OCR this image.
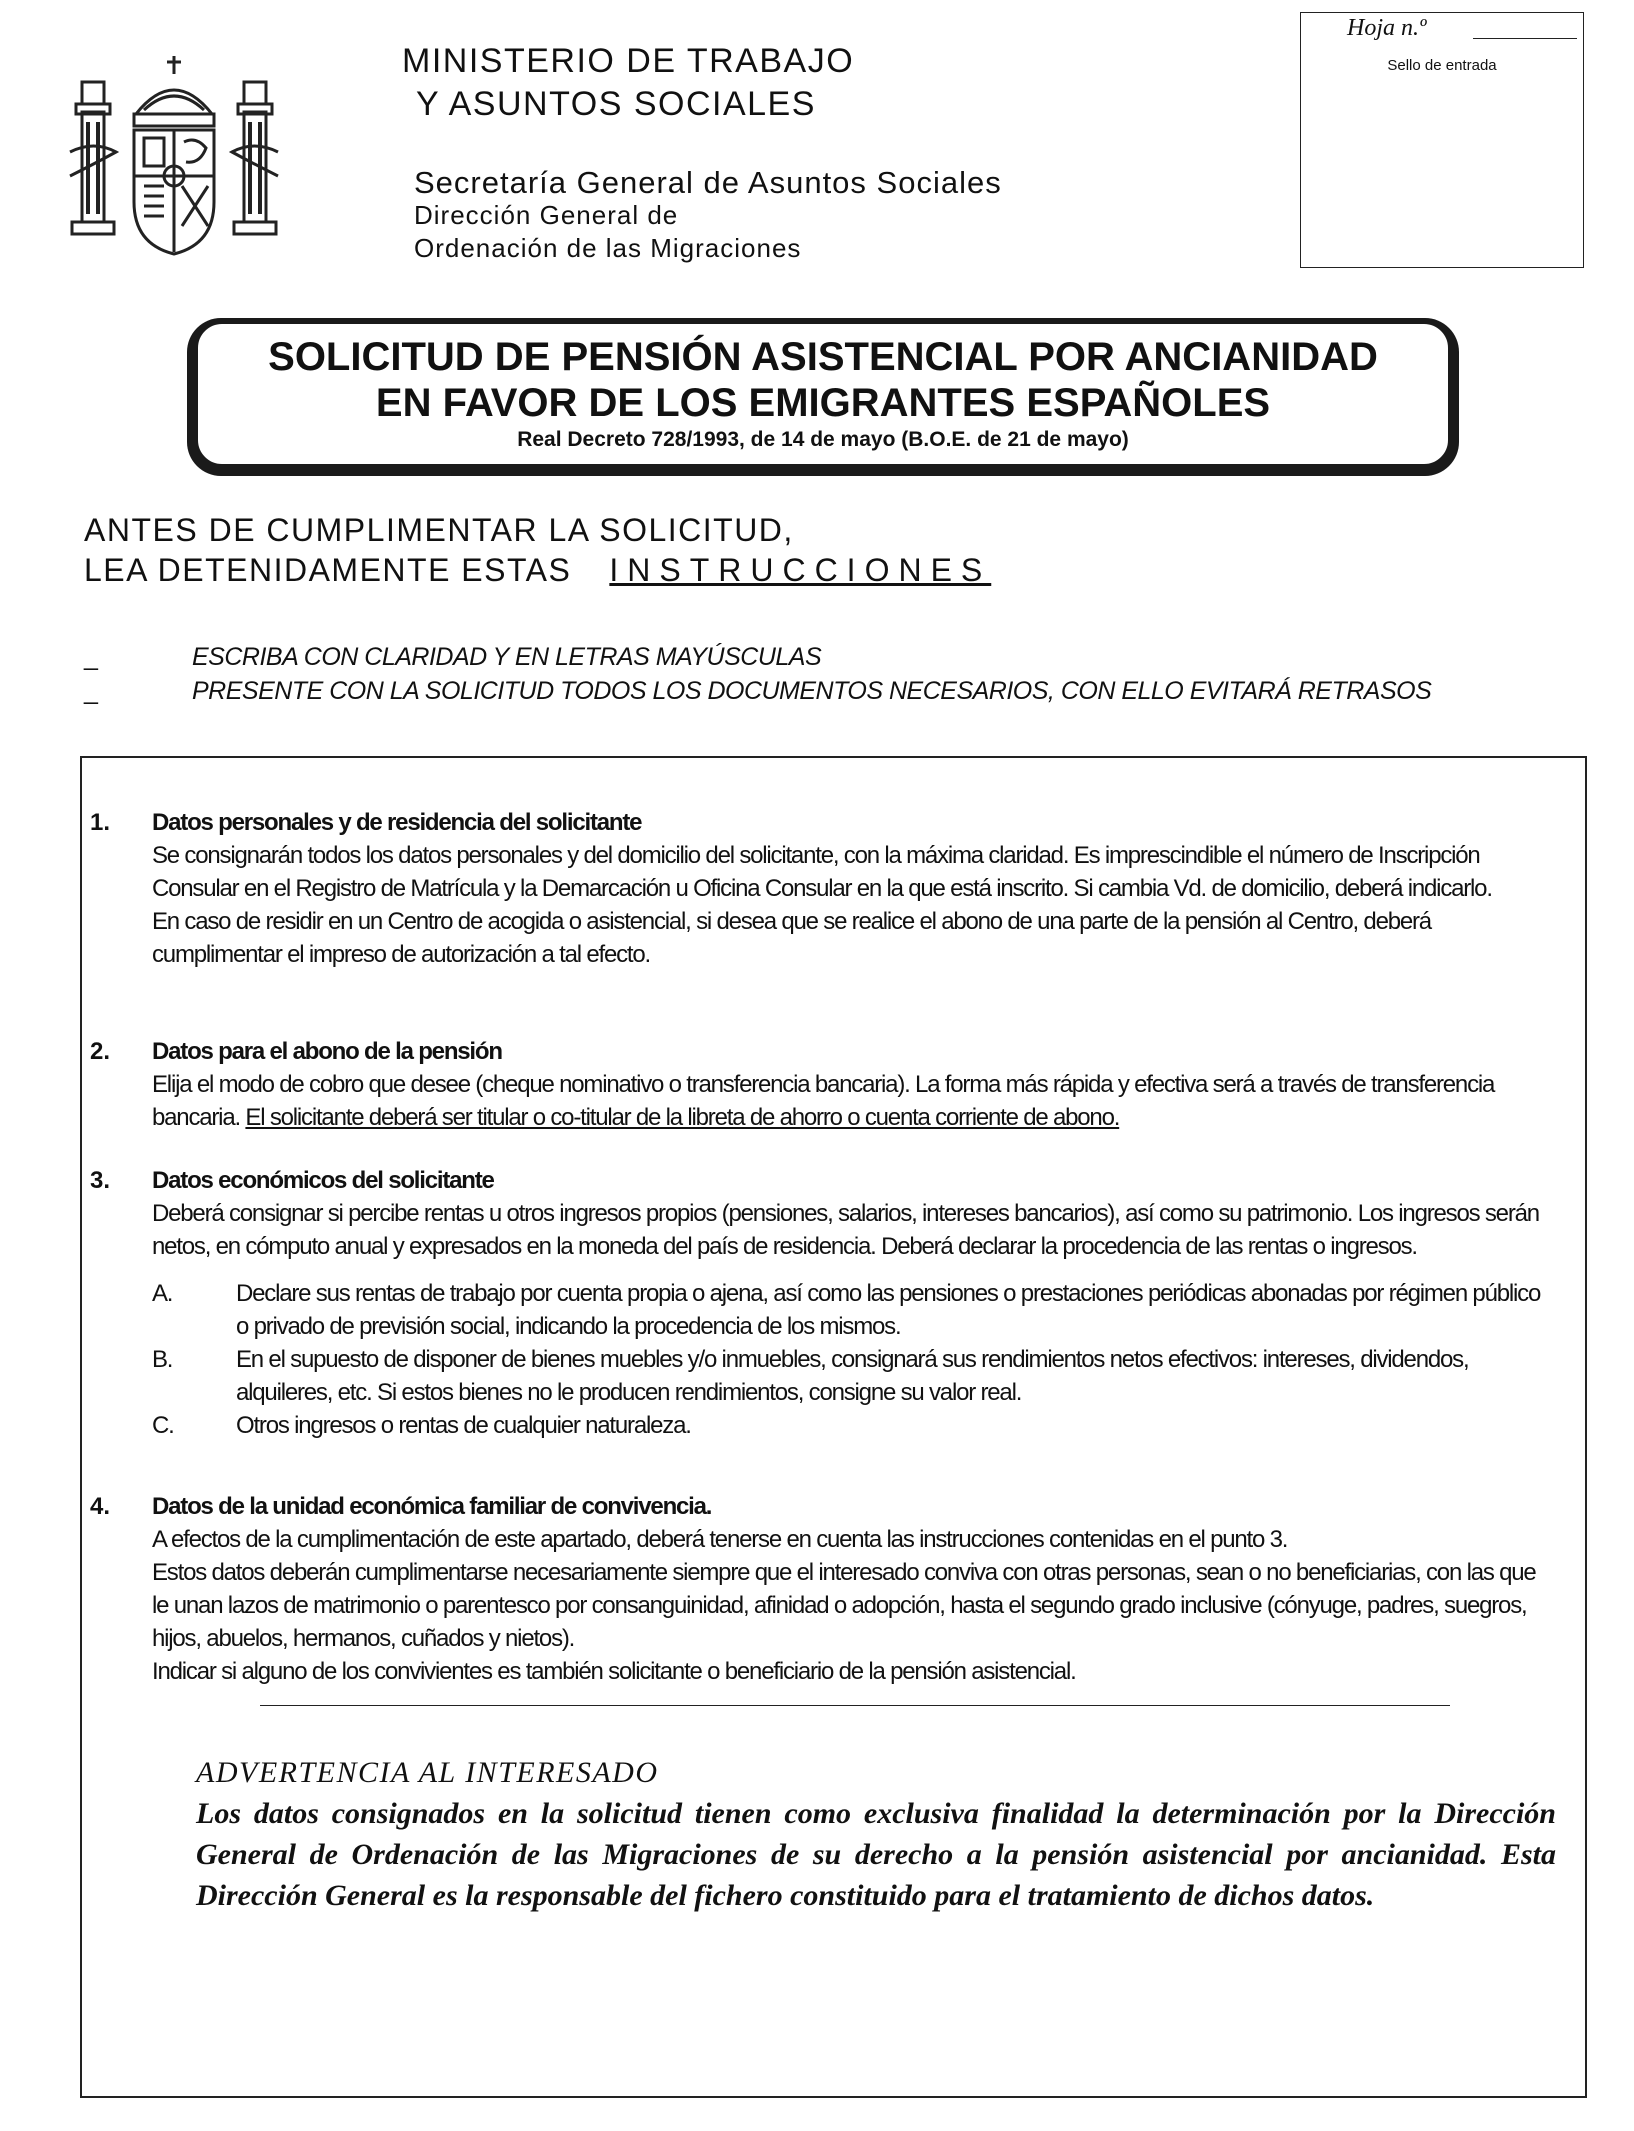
MINISTERIO DE TRABAJO
Y ASUNTOS SOCIALES
Secretaría General de Asuntos Sociales
Dirección General de
Ordenación de las Migraciones
Hoja n.º
Sello de entrada
SOLICITUD DE PENSIÓN ASISTENCIAL POR ANCIANIDAD
EN FAVOR DE LOS EMIGRANTES ESPAÑOLES
Real Decreto 728/1993, de 14 de mayo (B.O.E. de 21 de mayo)
ANTES DE CUMPLIMENTAR LA SOLICITUD,
LEA DETENIDAMENTE ESTAS INSTRUCCIONES
_	ESCRIBA CON CLARIDAD Y EN LETRAS MAYÚSCULAS
_	PRESENTE CON LA SOLICITUD TODOS LOS DOCUMENTOS NECESARIOS, CON ELLO EVITARÁ RETRASOS
1. Datos personales y de residencia del solicitante

Se consignarán todos los datos personales y del domicilio del solicitante, con la máxima claridad. Es imprescindible el número de Inscripción Consular en el Registro de Matrícula y la Demarcación u Oficina Consular en la que está inscrito. Si cambia Vd. de domicilio, deberá indicarlo.

En caso de residir en un Centro de acogida o asistencial, si desea que se realice el abono de una parte de la pensión al Centro, deberá cumplimentar el impreso de autorización a tal efecto.

2. Datos para el abono de la pensión

Elija el modo de cobro que desee (cheque nominativo o transferencia bancaria). La forma más rápida y efectiva será a través de transferencia bancaria. El solicitante deberá ser titular o co-titular de la libreta de ahorro o cuenta corriente de abono.

3. Datos económicos del solicitante

Deberá consignar si percibe rentas u otros ingresos propios (pensiones, salarios, intereses bancarios), así como su patrimonio. Los ingresos serán netos, en cómputo anual y expresados en la moneda del país de residencia. Deberá declarar la procedencia de las rentas o ingresos.

A.	Declare sus rentas de trabajo por cuenta propia o ajena, así como las pensiones o prestaciones periódicas abonadas por régimen público o privado de previsión social, indicando la procedencia de los mismos.

B.	En el supuesto de disponer de bienes muebles y/o inmuebles, consignará sus rendimientos netos efectivos: intereses, dividendos, alquileres, etc. Si estos bienes no le producen rendimientos, consigne su valor real.

C.	Otros ingresos o rentas de cualquier naturaleza.

4. Datos de la unidad económica familiar de convivencia.

A efectos de la cumplimentación de este apartado, deberá tenerse en cuenta las instrucciones contenidas en el punto 3.

Estos datos deberán cumplimentarse necesariamente siempre que el interesado conviva con otras personas, sean o no beneficiarias, con las que le unan lazos de matrimonio o parentesco por consanguinidad, afinidad o adopción, hasta el segundo grado inclusive (cónyuge, padres, suegros, hijos, abuelos, hermanos, cuñados y nietos).

Indicar si alguno de los convivientes es también solicitante o beneficiario de la pensión asistencial.

ADVERTENCIA AL INTERESADO
Los datos consignados en la solicitud tienen como exclusiva finalidad la determinación por la Dirección General de Ordenación de las Migraciones de su derecho a la pensión asistencial por ancianidad. Esta Dirección General es la responsable del fichero constituido para el tratamiento de dichos datos.
